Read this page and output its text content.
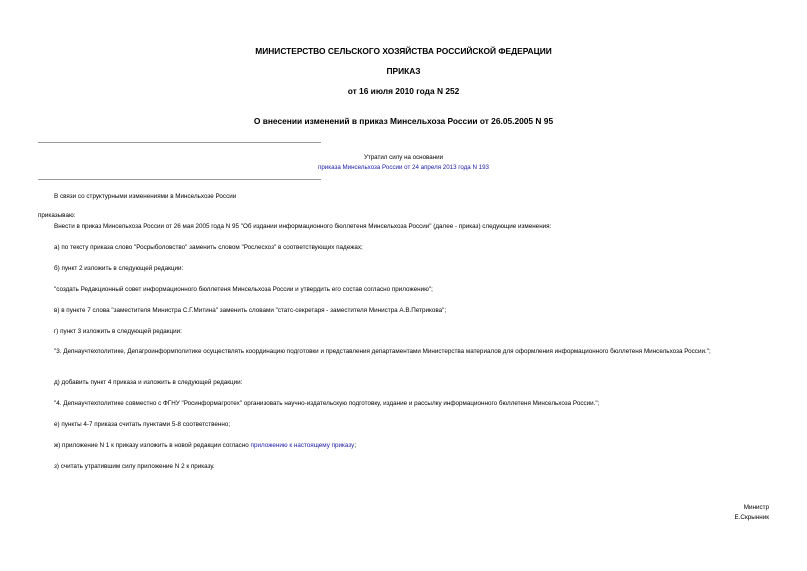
МИНИСТЕРСТВО СЕЛЬСКОГО ХОЗЯЙСТВА РОССИЙСКОЙ ФЕДЕРАЦИИ
ПРИКАЗ
от 16 июля 2010 года N 252
О внесении изменений в приказ Минсельхоза России от 26.05.2005 N 95
Утратил силу на основании
приказа Минсельхоза России от 24 апреля 2013 года N 193
В связи со структурными изменениями в Минсельхозе России
приказываю:
Внести в приказ Минсельхоза России от 26 мая 2005 года N 95 "Об издании информационного бюллетеня Минсельхоза России" (далее - приказ) следующие изменения:
а) по тексту приказа слово "Росрыболовство" заменить словом "Рослесхоз" в соответствующих падежах;
б) пункт 2 изложить в следующей редакции:
"создать Редакционный совет информационного бюллетеня Минсельхоза России и утвердить его состав согласно приложению";
в) в пункте 7 слова "заместителя Министра С.Г.Митина" заменить словами "статс-секретаря - заместителя Министра А.В.Петрикова";
г) пункт 3 изложить в следующей редакции:
"3. Депнаучтехполитике, Депагроинформполитике осуществлять координацию подготовки и представления департаментами Министерства материалов для оформления информационного бюллетеня Минсельхоза России.";
д) добавить пункт 4 приказа и изложить в следующей редакции:
"4. Депнаучтехполитике совместно с ФГНУ "Росинформагротех" организовать научно-издательскую подготовку, издание и рассылку информационного бюллетеня Минсельхоза России.";
е) пункты 4-7 приказа считать пунктами 5-8 соответственно;
ж) приложение N 1 к приказу изложить в новой редакции согласно приложению к настоящему приказу;
з) считать утратившим силу приложение N 2 к приказу.
Министр
Е.Скрынник
